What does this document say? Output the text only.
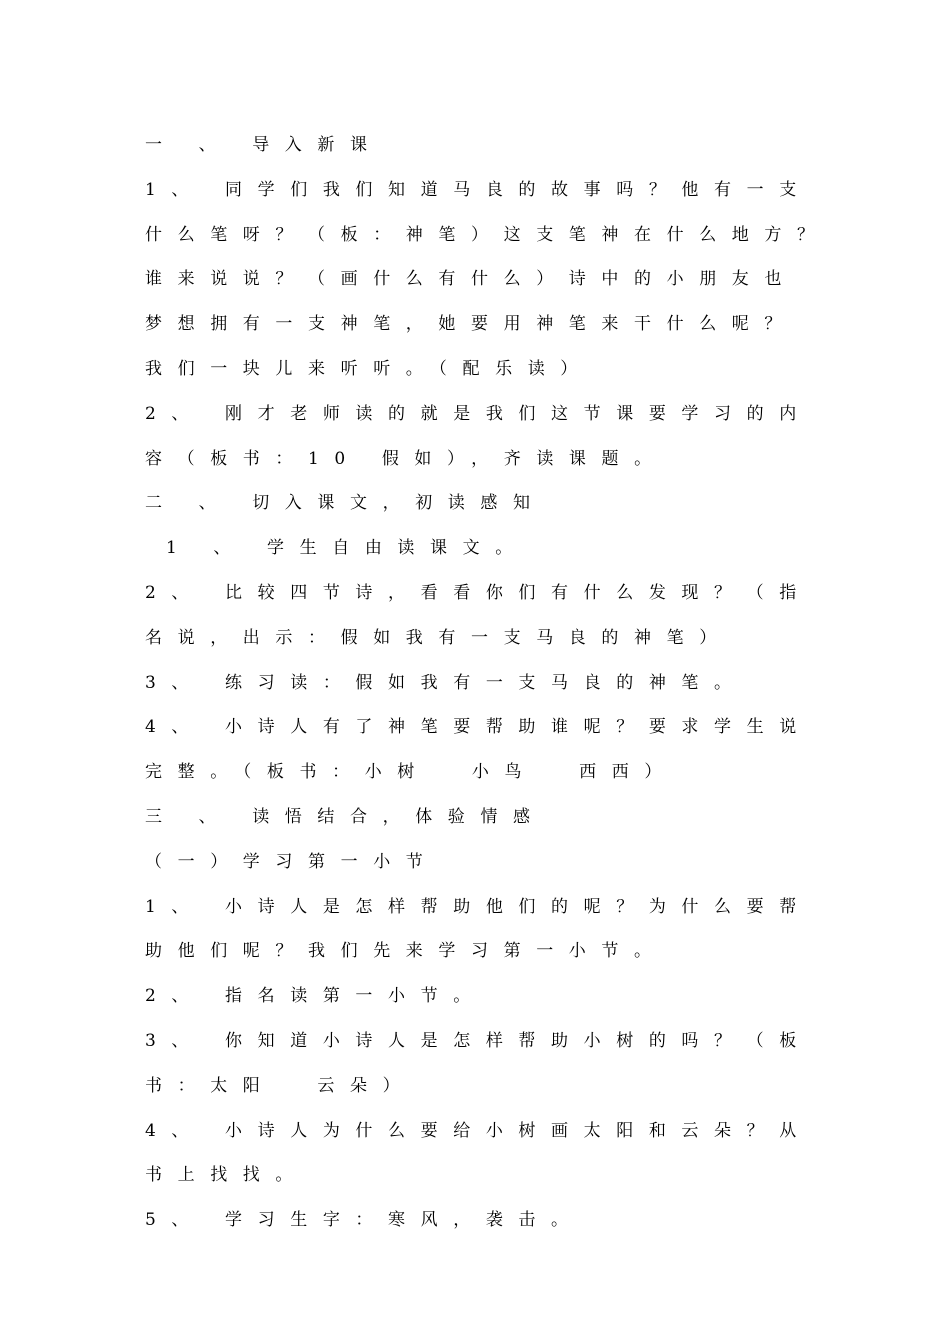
一 、 导入新课
1、 同学们我们知道马良的故事吗？他有一支
什么笔呀？（板：神笔）这支笔神在什么地方？
谁来说说？（画什么有什么）诗中的小朋友也
梦想拥有一支神笔，她要用神笔来干什么呢？
我们一块儿来听听。（配乐读）
2、 刚才老师读的就是我们这节课要学习的内
容（板书：10 假如），齐读课题。
二 、 切入课文，初读感知
1 、 学生自由读课文。
2、 比较四节诗，看看你们有什么发现？（指
名说，出示：假如我有一支马良的神笔）
3、 练习读：假如我有一支马良的神笔。
4、 小诗人有了神笔要帮助谁呢？要求学生说
完整。（板书：小树  小鸟  西西）
三 、 读悟结合，体验情感
（一）学习第一小节
1、 小诗人是怎样帮助他们的呢？为什么要帮
助他们呢？我们先来学习第一小节。
2、 指名读第一小节。
3、 你知道小诗人是怎样帮助小树的吗？（板
书：太阳  云朵）
4、 小诗人为什么要给小树画太阳和云朵？从
书上找找。
5、 学习生字：寒风，袭击。
